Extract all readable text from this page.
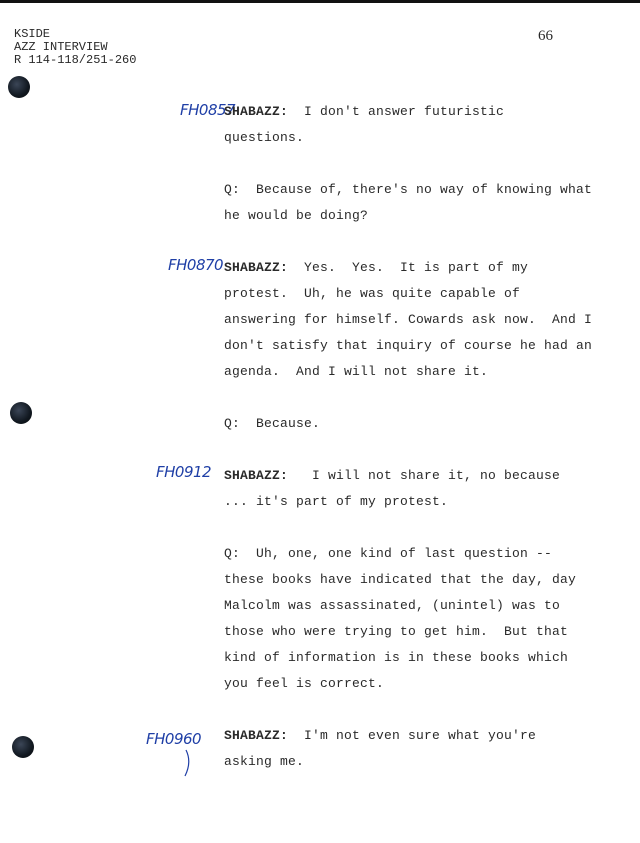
KSIDE
AZZ INTERVIEW
R 114-118/251-260
66
FH0857
FH0870
FH0912
FH0960
SHABAZZ:  I don't answer futuristic
questions.
Q:  Because of, there's no way of knowing what
he would be doing?
SHABAZZ:  Yes.  Yes.  It is part of my
protest.  Uh, he was quite capable of
answering for himself. Cowards ask now.  And I
don't satisfy that inquiry of course he had an
agenda.  And I will not share it.
Q:  Because.
SHABAZZ:   I will not share it, no because
... it's part of my protest.
Q:  Uh, one, one kind of last question --
these books have indicated that the day, day
Malcolm was assassinated, (unintel) was to
those who were trying to get him.  But that
kind of information is in these books which
you feel is correct.
SHABAZZ:  I'm not even sure what you're
asking me.
